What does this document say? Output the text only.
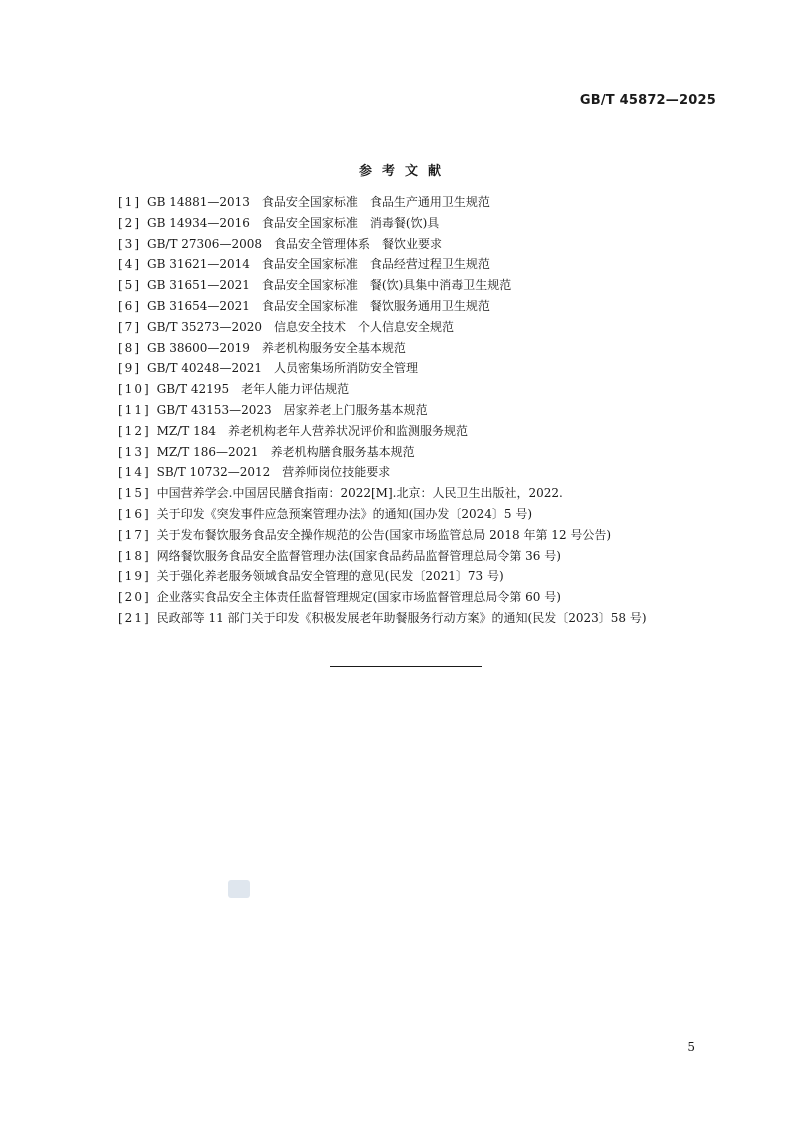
GB/T 45872—2025
参考文献
[1] GB 14881—2013　食品安全国家标准　食品生产通用卫生规范
[2] GB 14934—2016　食品安全国家标准　消毒餐(饮)具
[3] GB/T 27306—2008　食品安全管理体系　餐饮业要求
[4] GB 31621—2014　食品安全国家标准　食品经营过程卫生规范
[5] GB 31651—2021　食品安全国家标准　餐(饮)具集中消毒卫生规范
[6] GB 31654—2021　食品安全国家标准　餐饮服务通用卫生规范
[7] GB/T 35273—2020　信息安全技术　个人信息安全规范
[8] GB 38600—2019　养老机构服务安全基本规范
[9] GB/T 40248—2021　人员密集场所消防安全管理
[10] GB/T 42195　老年人能力评估规范
[11] GB/T 43153—2023　居家养老上门服务基本规范
[12] MZ/T 184　养老机构老年人营养状况评价和监测服务规范
[13] MZ/T 186—2021　养老机构膳食服务基本规范
[14] SB/T 10732—2012　营养师岗位技能要求
[15] 中国营养学会.中国居民膳食指南：2022[M].北京：人民卫生出版社，2022.
[16] 关于印发《突发事件应急预案管理办法》的通知(国办发〔2024〕5 号)
[17] 关于发布餐饮服务食品安全操作规范的公告(国家市场监管总局 2018 年第 12 号公告)
[18] 网络餐饮服务食品安全监督管理办法(国家食品药品监督管理总局令第 36 号)
[19] 关于强化养老服务领域食品安全管理的意见(民发〔2021〕73 号)
[20] 企业落实食品安全主体责任监督管理规定(国家市场监督管理总局令第 60 号)
[21] 民政部等 11 部门关于印发《积极发展老年助餐服务行动方案》的通知(民发〔2023〕58 号)
5
